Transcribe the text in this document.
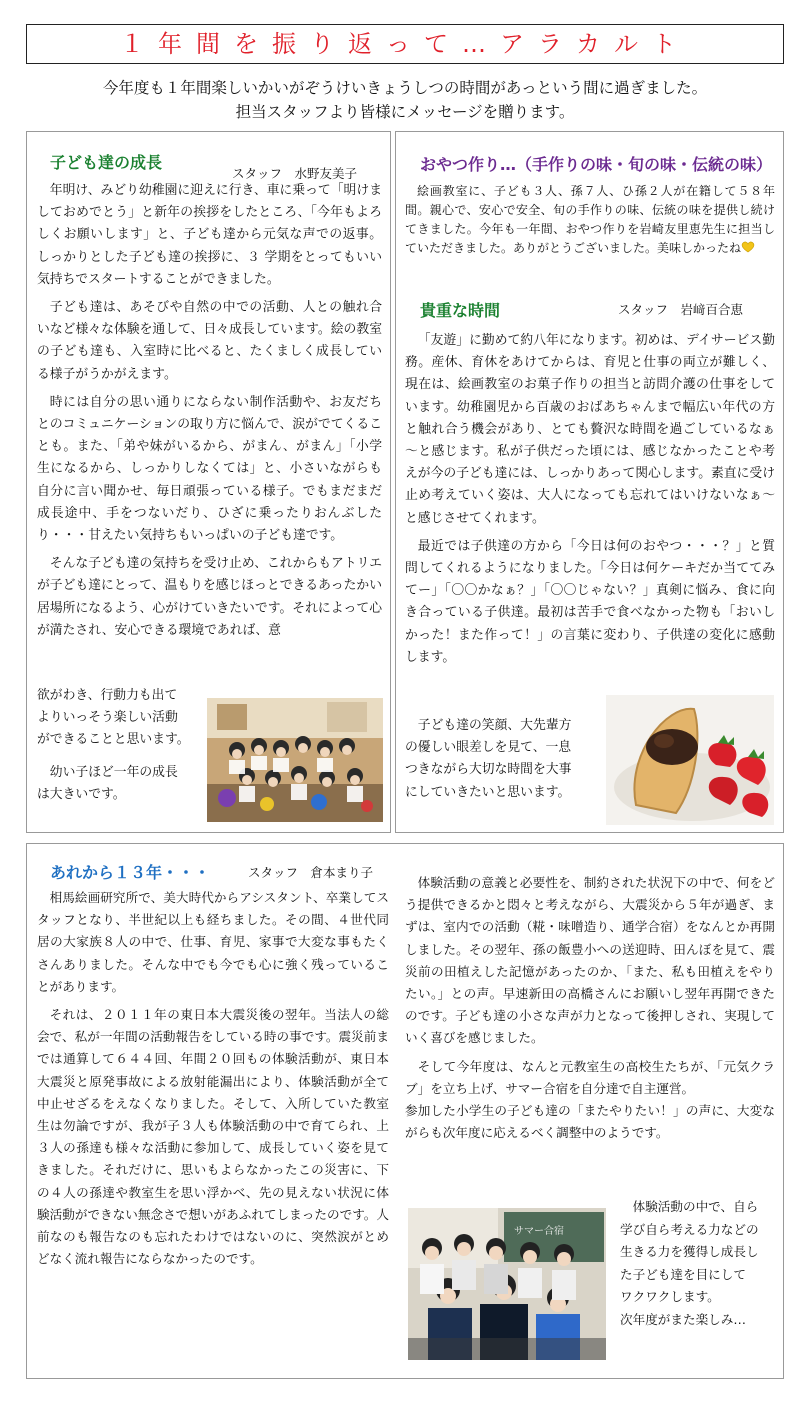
１年間を振り返って…アラカルト
今年度も１年間楽しいかいがぞうけいきょうしつの時間があっという間に過ぎました。
担当スタッフより皆様にメッセージを贈ります。
子ども達の成長
スタッフ　水野友美子

年明け、みどり幼稚園に迎えに行き、車に乗って「明けましておめでとう」と新年の挨拶をしたところ、「今年もよろしくお願いします」と、子ども達から元気な声での返事。しっかりとした子ども達の挨拶に、３ 学期をとってもいい気持ちでスタートすることができました。

子ども達は、あそびや自然の中での活動、人との触れ合いなど様々な体験を通して、日々成長しています。絵の教室の子ども達も、入室時に比べると、たくましく成長している様子がうかがえます。

時には自分の思い通りにならない制作活動や、お友だちとのコミュニケーションの取り方に悩んで、涙がでてくることも。また、「弟や妹がいるから、がまん、がまん」「小学生になるから、しっかりしなくては」と、小さいながらも自分に言い聞かせ、毎日頑張っている様子。でもまだまだ成長途中、手をつないだり、ひざに乗ったりおんぶしたり・・・甘えたい気持ちもいっぱいの子ども達です。

そんな子ども達の気持ちを受け止め、これからもアトリエが子ども達にとって、温もりを感じほっとできるあったかい居場所になるよう、心がけていきたいです。それによって心が満たされ、安心できる環境であれば、意

欲がわき、行動力も出て
よりいっそう楽しい活動
ができることと思います。
幼い子ほど一年の成長
は大きいです。
おやつ作り…（手作りの味・旬の味・伝統の味）

絵画教室に、子ども３人、孫７人、ひ孫２人が在籍して５８年間。親心で、安心で安全、旬の手作りの味、伝統の味を提供し続けてきました。今年も一年間、おやつ作りを岩崎友里恵先生に担当していただきました。ありがとうございました。美味しかったね

貴重な時間	スタッフ　岩﨑百合恵

「友遊」に勤めて約八年になります。初めは、デイサービス勤務。産休、育休をあけてからは、育児と仕事の両立が難しく、現在は、絵画教室のお菓子作りの担当と訪問介護の仕事をしています。幼稚園児から百歳のおばあちゃんまで幅広い年代の方と触れ合う機会があり、とても贅沢な時間を過ごしているなぁ～と感じます。私が子供だった頃には、感じなかったことや考えが今の子ども達には、しっかりあって関心します。素直に受け止め考えていく姿は、大人になっても忘れてはいけないなぁ～と感じさせてくれます。

最近では子供達の方から「今日は何のおやつ・・・？」と質問してくれるようになりました。「今日は何ケーキだか当ててみてー」「〇〇かなぁ？」「〇〇じゃない？」真剣に悩み、食に向き合っている子供達。最初は苦手で食べなかった物も「おいしかった！また作って！」の言葉に変わり、子供達の変化に感動します。

子ども達の笑顔、大先輩方
の優しい眼差しを見て、一息
つきながら大切な時間を大事
にしていきたいと思います。
あれから１３年・・・	スタッフ　倉本まり子

相馬絵画研究所で、美大時代からアシスタント、卒業してスタッフとなり、半世紀以上も経ちました。その間、４世代同居の大家族８人の中で、仕事、育児、家事で大変な事もたくさんありました。そんな中でも今でも心に強く残っていることがあります。

それは、２０１１年の東日本大震災後の翌年。当法人の総会で、私が一年間の活動報告をしている時の事です。震災前までは通算して６４４回、年間２０回もの体験活動が、東日本大震災と原発事故による放射能漏出により、体験活動が全て中止せざるをえなくなりました。そして、入所していた教室生は勿論ですが、我が子３人も体験活動の中で育てられ、上３人の孫達も様々な活動に参加して、成長していく姿を見てきました。それだけに、思いもよらなかったこの災害に、下の４人の孫達や教室生を思い浮かべ、先の見えない状況に体験活動ができない無念さで想いがあふれてしまったのです。人前なのも報告なのも忘れたわけではないのに、突然涙がとめどなく流れ報告にならなかったのです。

体験活動の意義と必要性を、制約された状況下の中で、何をどう提供できるかと悶々と考えながら、大震災から５年が過ぎ、まずは、室内での活動（糀・味噌造り、通学合宿）をなんとか再開しました。その翌年、孫の飯豊小への送迎時、田んぼを見て、震災前の田植えした記憶があったのか、「また、私も田植えをやりたい。」との声。早速新田の高橋さんにお願いし翌年再開できたのです。子ども達の小さな声が力となって後押しされ、実現していく喜びを感じました。

そして今年度は、なんと元教室生の高校生たちが、「元気クラブ」を立ち上げ、サマー合宿を自分達で自主運営。

参加した小学生の子ども達の「またやりたい！」の声に、大変ながらも次年度に応えるべく調整中のようです。
サマー合宿
体験活動の中で、自ら
学び自ら考える力などの
生きる力を獲得し成長し
た子ども達を目にして
ワクワクします。
次年度がまた楽しみ…
